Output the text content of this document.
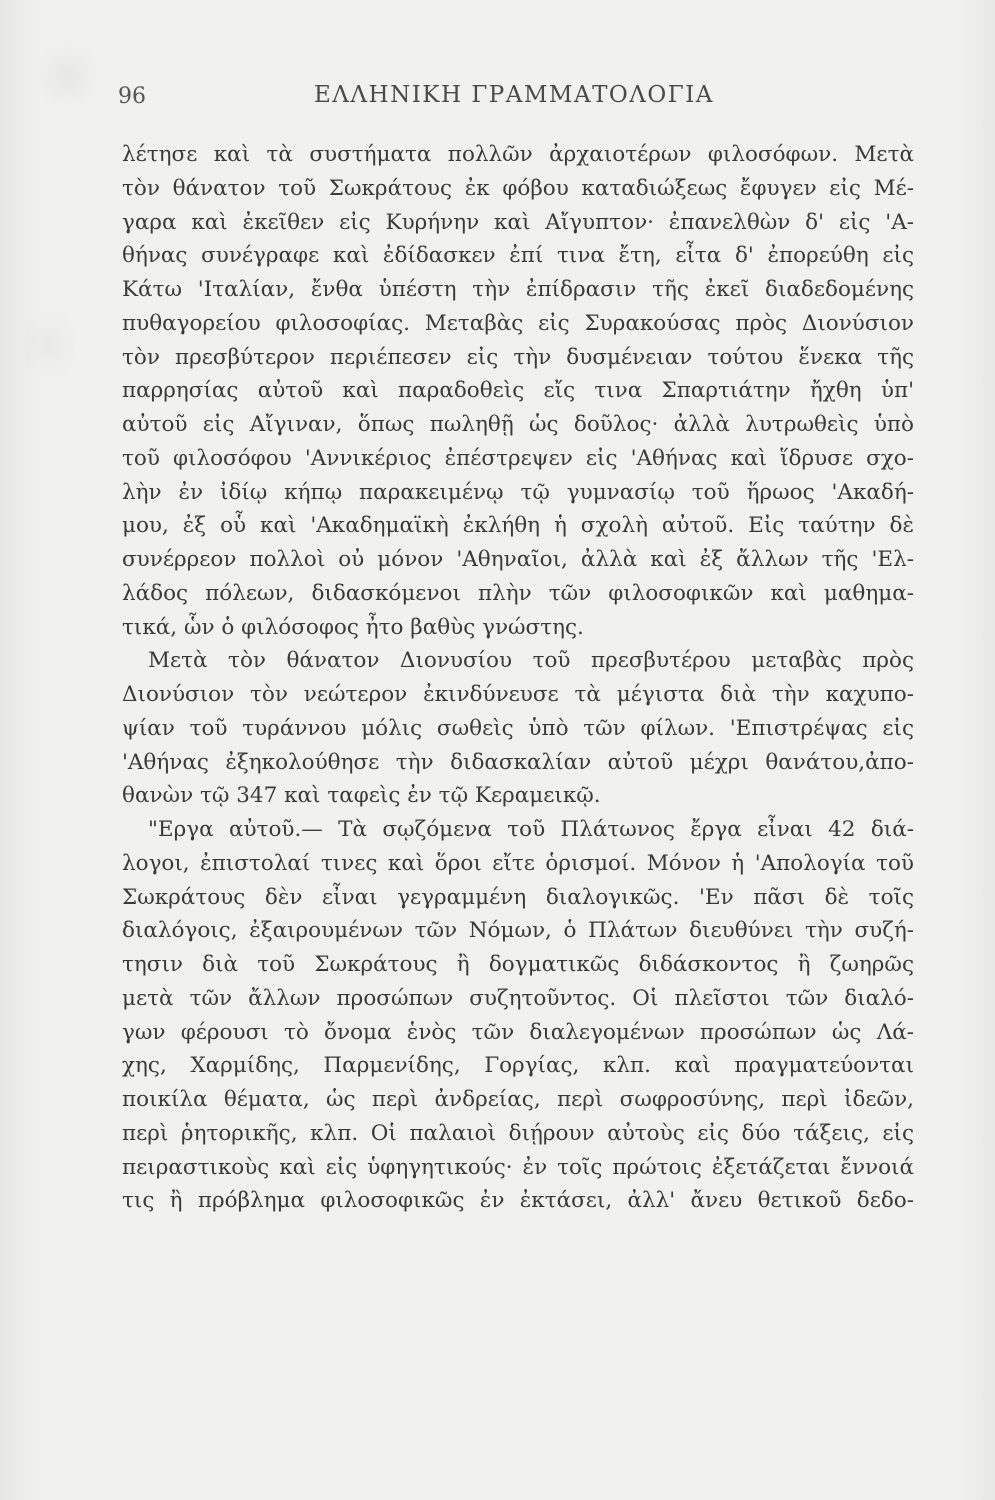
96	ΕΛΛΗΝΙΚΗ ΓΡΑΜΜΑΤΟΛΟΓΙΑ
λέτησε καὶ τὰ συστήματα πολλῶν ἀρχαιοτέρων φιλοσόφων. Μετὰ
τὸν θάνατον τοῦ Σωκράτους ἐκ φόβου καταδιώξεως ἔφυγεν εἰς Μέ-
γαρα καὶ ἐκεῖθεν εἰς Κυρήνην καὶ Αἴγυπτον· ἐπανελθὼν δ' εἰς 'Α-
θήνας συνέγραφε καὶ ἐδίδασκεν ἐπί τινα ἔτη, εἶτα δ' ἐπορεύθη εἰς
Κάτω 'Ιταλίαν, ἔνθα ὑπέστη τὴν ἐπίδρασιν τῆς ἐκεῖ διαδεδομένης
πυθαγορείου φιλοσοφίας. Μεταβὰς εἰς Συρακούσας πρὸς Διονύσιον
τὸν πρεσβύτερον περιέπεσεν εἰς τὴν δυσμένειαν τούτου ἕνεκα τῆς
παρρησίας αὐτοῦ καὶ παραδοθεὶς εἴς τινα Σπαρτιάτην ἤχθη ὑπ'
αὐτοῦ εἰς Αἴγιναν, ὅπως πωληθῇ ὡς δοῦλος· ἀλλὰ λυτρωθεὶς ὑπὸ
τοῦ φιλοσόφου 'Αννικέριος ἐπέστρεψεν εἰς 'Αθήνας καὶ ἵδρυσε σχο-
λὴν ἐν ἰδίῳ κήπῳ παρακειμένῳ τῷ γυμνασίῳ τοῦ ἥρωος 'Ακαδή-
μου, ἐξ οὗ καὶ 'Ακαδημαϊκὴ ἐκλήθη ἡ σχολὴ αὐτοῦ. Εἰς ταύτην δὲ
συνέρρεον πολλοὶ οὐ μόνον 'Αθηναῖοι, ἀλλὰ καὶ ἐξ ἄλλων τῆς 'Ελ-
λάδος πόλεων, διδασκόμενοι πλὴν τῶν φιλοσοφικῶν καὶ μαθημα-
τικά, ὧν ὁ φιλόσοφος ἦτο βαθὺς γνώστης.
Μετὰ τὸν θάνατον Διονυσίου τοῦ πρεσβυτέρου μεταβὰς πρὸς
Διονύσιον τὸν νεώτερον ἐκινδύνευσε τὰ μέγιστα διὰ τὴν καχυπο-
ψίαν τοῦ τυράννου μόλις σωθεὶς ὑπὸ τῶν φίλων. 'Επιστρέψας εἰς
'Αθήνας ἐξηκολούθησε τὴν διδασκαλίαν αὐτοῦ μέχρι θανάτου,ἀπο-
θανὼν τῷ 347 καὶ ταφεὶς ἐν τῷ Κεραμεικῷ.
"Εργα αὐτοῦ.— Τὰ σῳζόμενα τοῦ Πλάτωνος ἔργα εἶναι 42 διά-
λογοι, ἐπιστολαί τινες καὶ ὅροι εἴτε ὁρισμοί. Μόνον ἡ 'Απολογία τοῦ
Σωκράτους δὲν εἶναι γεγραμμένη διαλογικῶς. 'Εν πᾶσι δὲ τοῖς
διαλόγοις, ἐξαιρουμένων τῶν Νόμων, ὁ Πλάτων διευθύνει τὴν συζή-
τησιν διὰ τοῦ Σωκράτους ἢ δογματικῶς διδάσκοντος ἢ ζωηρῶς
μετὰ τῶν ἄλλων προσώπων συζητοῦντος. Οἱ πλεῖστοι τῶν διαλό-
γων φέρουσι τὸ ὄνομα ἑνὸς τῶν διαλεγομένων προσώπων ὡς Λά-
χης, Χαρμίδης, Παρμενίδης, Γοργίας, κλπ. καὶ πραγματεύονται
ποικίλα θέματα, ὡς περὶ ἀνδρείας, περὶ σωφροσύνης, περὶ ἰδεῶν,
περὶ ῥητορικῆς, κλπ. Οἱ παλαιοὶ διῄρουν αὐτοὺς εἰς δύο τάξεις, εἰς
πειραστικοὺς καὶ εἰς ὑφηγητικούς· ἐν τοῖς πρώτοις ἐξετάζεται ἔννοιά
τις ἢ πρόβλημα φιλοσοφικῶς ἐν ἐκτάσει, ἀλλ' ἄνευ θετικοῦ δεδο-
